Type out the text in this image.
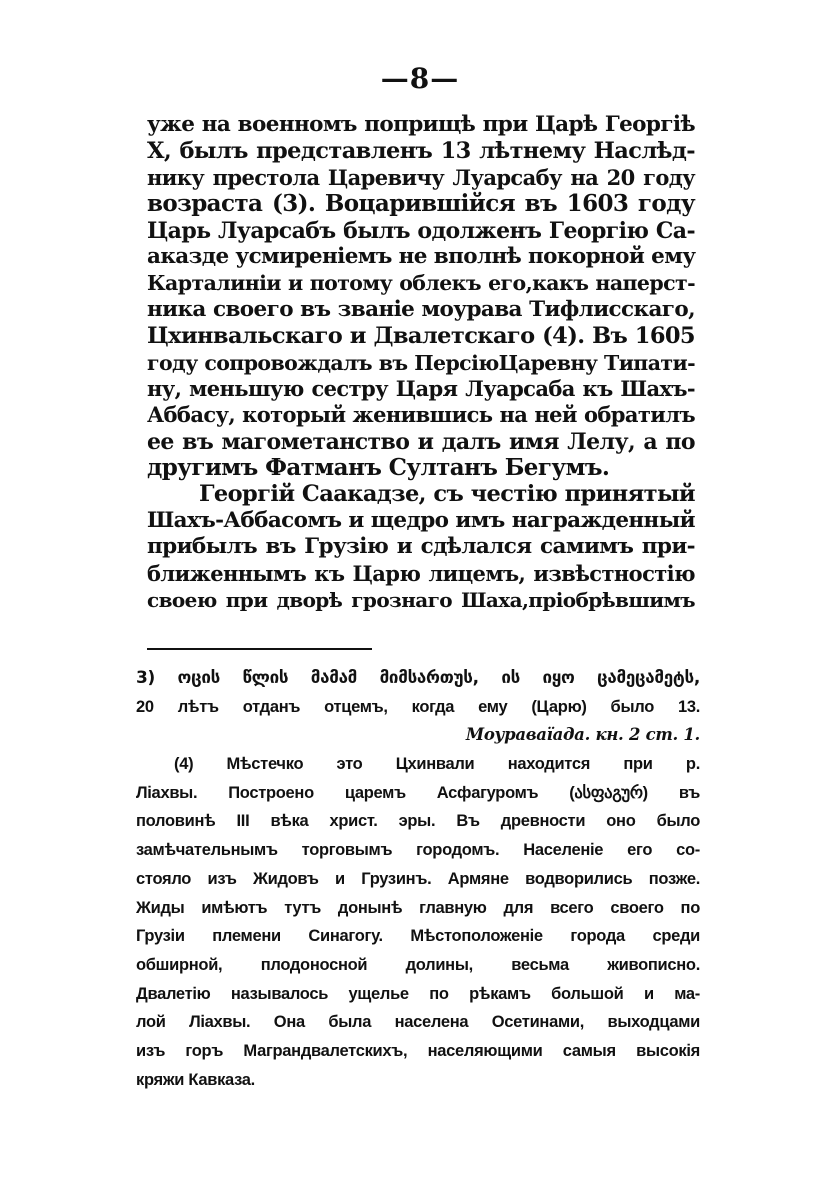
—8—
уже на военномъ поприщѣ при Царѣ Георгіѣ
Х, былъ представленъ 13 лѣтнему Наслѣд-
нику престола Царевичу Луарсабу на 20 году
возраста (3). Воцарившійся въ 1603 году
Царь Луарсабъ былъ одолженъ Георгію Са-
аказде усмиреніемъ не вполнѣ покорной ему
Карталиніи и потому облекъ его,какъ наперст-
ника своего въ званіе моурава Тифлисскаго,
Цхинвальскаго и Двалетскаго (4). Въ 1605
году сопровождалъ въ ПерсіюЦаревну Типати-
ну, меньшую сестру Царя Луарсаба къ Шахъ-
Аббасу, который женившись на ней обратилъ
ее въ магометанство и далъ имя Лелу, а по
другимъ Фатманъ Султанъ Бегумъ.
Георгій Саакадзе, съ честію принятый
Шахъ-Аббасомъ и щедро имъ награжденный
прибылъ въ Грузію и сдѣлался самимъ при-
ближеннымъ къ Царю лицемъ, извѣстностію
своею при дворѣ грознаго Шаха,пріобрѣвшимъ
3) ოცის წლის მამამ მიმსართუს, ის იყო ცამეცამეტს,
20 лѣтъ отданъ отцемъ, когда ему (Царю) было 13.
Моураваїада. кн. 2 ст. 1.
(4) Мѣстечко это Цхинвали находится при р.
Ліахвы. Построено царемъ Асфагуромъ (ასფაგურ) въ
половинѣ III вѣка христ. эры. Въ древности оно было
замѣчательнымъ торговымъ городомъ. Населеніе его со-
стояло изъ Жидовъ и Грузинъ. Армяне водворились позже.
Жиды имѣютъ тутъ донынѣ главную для всего своего по
Грузіи племени Синагогу. Мѣстоположеніе города среди
обширной, плодоносной долины, весьма живописно.
Двалетію называлось ущелье по рѣкамъ большой и ма-
лой Ліахвы. Она была населена Осетинами, выходцами
изъ горъ Маграндвалетскихъ, населяющими самыя высокія
кряжи Кавказа.
